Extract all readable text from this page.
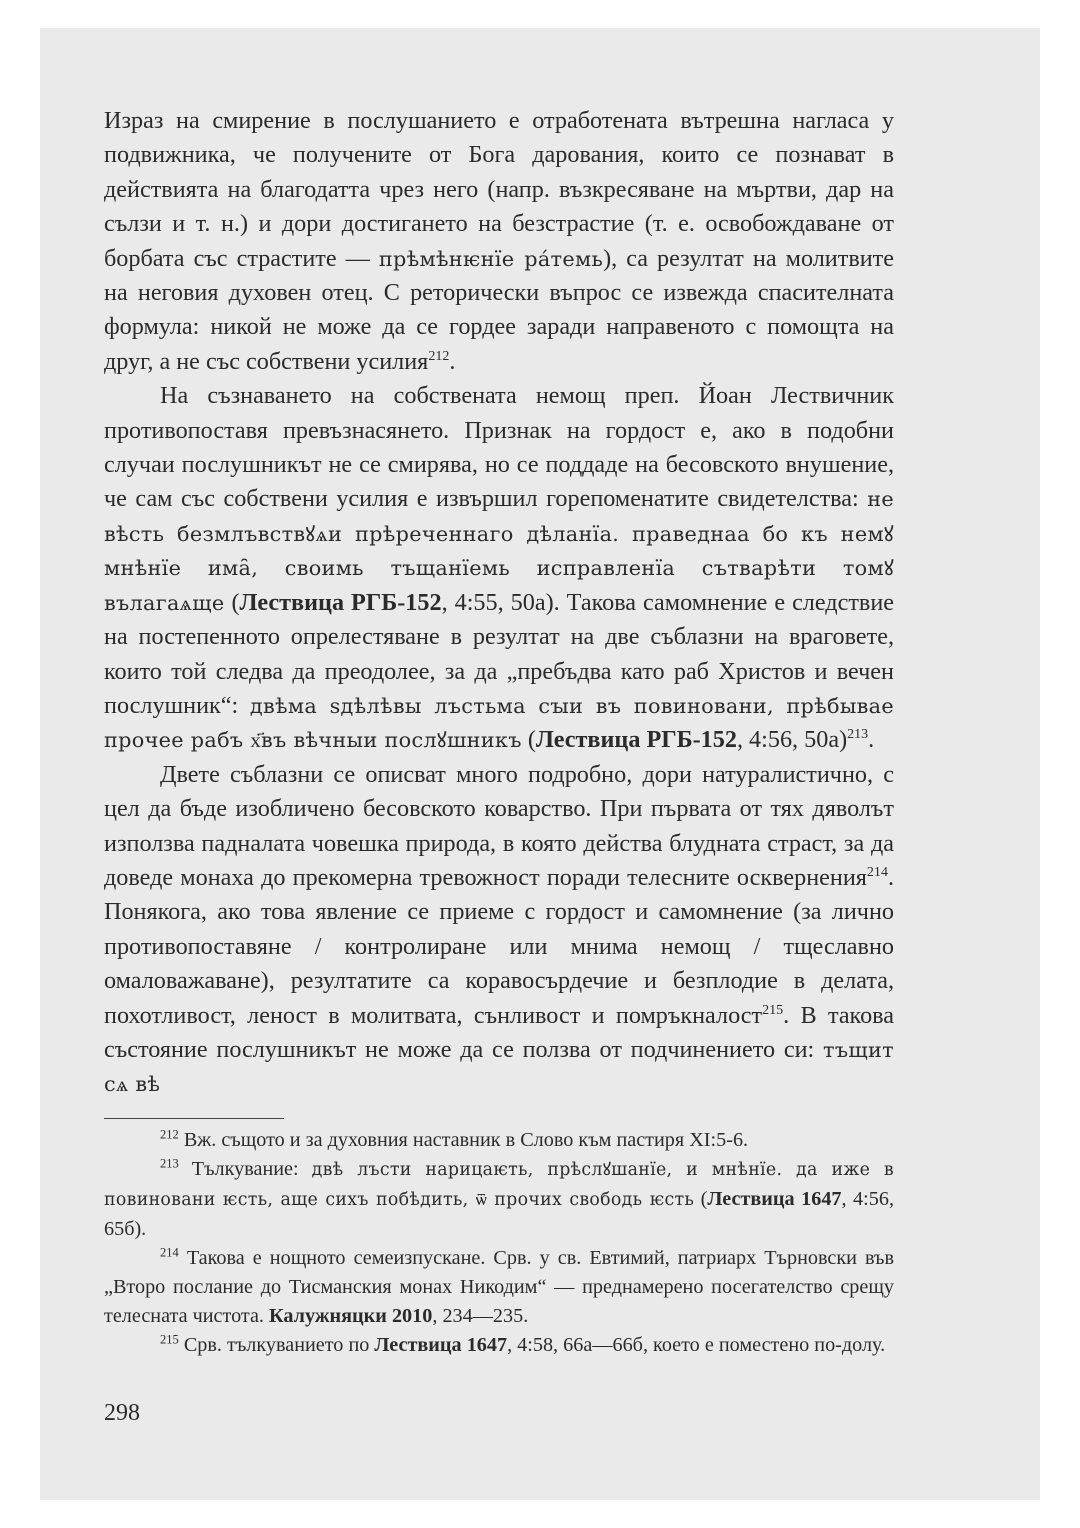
Израз на смирение в послушанието е отработената вътрешна нагласа у подвижника, че получените от Бога дарования, които се познават в действията на благодатта чрез него (напр. възкресяване на мъртви, дар на сълзи и т. н.) и дори достигането на безстрастие (т. е. освобождаване от борбата със страстите — прѣмѣнѥнїе ра́темь), са резултат на молитвите на неговия духовен отец. С реторически въпрос се извежда спасителната формула: никой не може да се гордее заради направеното с помощта на друг, а не със собствени усилия$^{212}$.

На съзнаването на собствената немощ преп. Йоан Лествичник противопоставя превъзнасянето. Признак на гордост е, ако в подобни случаи послушникът не се смирява, но се поддаде на бесовското внушение, че сам със собствени усилия е извършил горепоменатите свидетелства: не вѣсть безмлъвствꙋѧи прѣреченнаго дѣланїа. праведнаа бо къ немꙋ мнѣнїе има̑, своимь тъщанїемь исправленїа сътварѣти томꙋ вълагаѧще (Лествица РГБ-152, 4:55, 50а). Такова самомнение е следствие на постепенното опрелестяване в резултат на две съблазни на враговете, които той следва да преодолее, за да „пребъдва като раб Христов и вечен послушник“: двѣма ѕдѣлѣвы лъстьма сꙑи въ повиновани, прѣбывае прочее рабъ х҃въ вѣчныи послꙋшникъ (Лествица РГБ-152, 4:56, 50а)$^{213}$.

Двете съблазни се описват много подробно, дори натуралистично, с цел да бъде изобличено бесовското коварство. При първата от тях дяволът използва падналата човешка природа, в която действа блудната страст, за да доведе монаха до прекомерна тревожност поради телесните осквернения$^{214}$. Понякога, ако това явление се приеме с гордост и самомнение (за лично противопоставяне / контролиране или мнима немощ / тщеславно омаловажаване), резултатите са коравосърдечие и безплодие в делата, похотливост, леност в молитвата, сънливост и помръкналост$^{215}$. В такова състояние послушникът не може да се ползва от подчинението си: тъщит сѧ вѣ

$^{212}$ Вж. същото и за духовния наставник в Слово към пастиря XI:5-6.

$^{213}$ Тълкувание: двѣ лъсти нарицаѥть, прѣслꙋшанїе, и мнѣнїе. да иже в повиновани ѥсть, аще сихъ побѣдить, ѿ прочих свободь ѥсть (Лествица 1647, 4:56, 65б).

$^{214}$ Такова е нощното семеизпускане. Срв. у св. Евтимий, патриарх Търновски във „Второ послание до Тисманския монах Никодим“ — преднамерено посегателство срещу телесната чистота. Калужняцки 2010, 234—235.

$^{215}$ Срв. тълкуванието по Лествица 1647, 4:58, 66а—66б, което е поместено по-долу.

298
